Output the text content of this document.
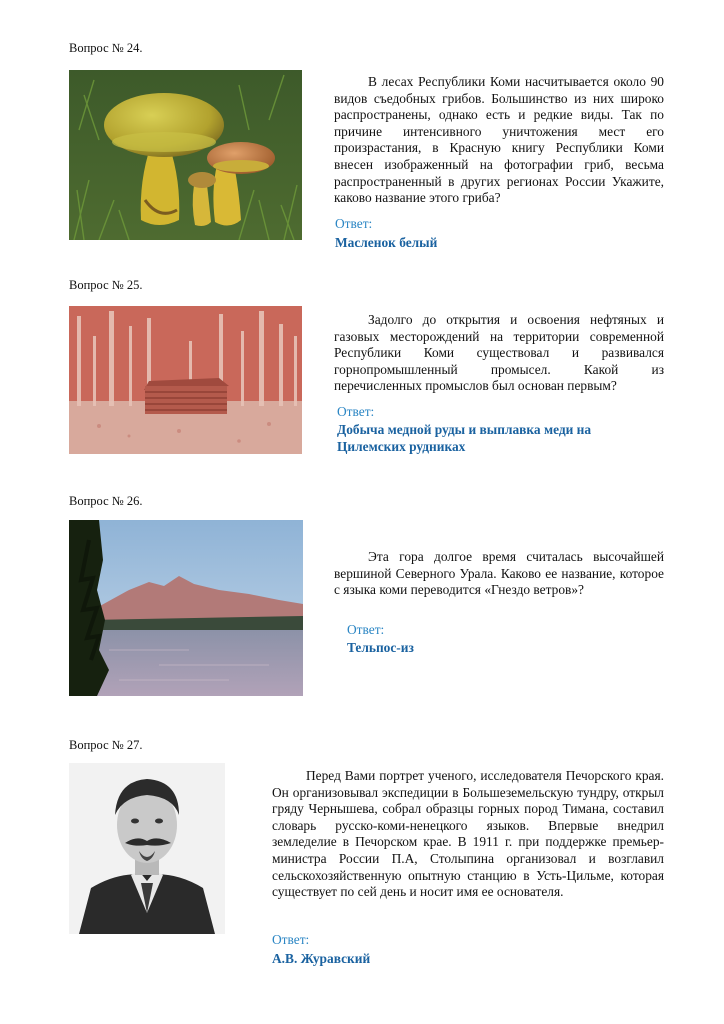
Вопрос № 24.

В лесах Республики Коми насчитывается около 90 видов съедобных грибов. Большинство из них широко распространены, однако есть и редкие виды. Так по причине интенсивного уничтожения мест его произрастания, в Красную книгу Республики Коми внесен изображенный на фотографии гриб, весьма распространенный в других регионах России Укажите, каково название этого гриба?

Ответ:
Масленок белый
Вопрос № 25.

Задолго до открытия и освоения нефтяных и газовых месторождений на территории современной Республики Коми существовал и развивался горнопромышленный промысел. Какой из перечисленных промыслов был основан первым?

Ответ:
Добыча медной руды и выплавка меди на
Цилемских рудниках
Вопрос № 26.

Эта гора долгое время считалась высочайшей вершиной Северного Урала. Каково ее название, которое с языка коми переводится «Гнездо ветров»?

Ответ:
Тельпос-из
Вопрос № 27.

Перед Вами портрет ученого, исследователя Печорского края. Он организовывал экспедиции в Большеземельскую тундру, открыл гряду Чернышева, собрал образцы горных пород Тимана, составил словарь русско-коми-ненецкого языков. Впервые внедрил земледелие в Печорском крае. В 1911 г. при поддержке премьер-министра России П.А, Столыпина организовал и возглавил сельскохозяйственную опытную станцию в Усть-Цильме, которая существует по сей день и носит имя ее основателя.

Ответ:
А.В. Журавский
